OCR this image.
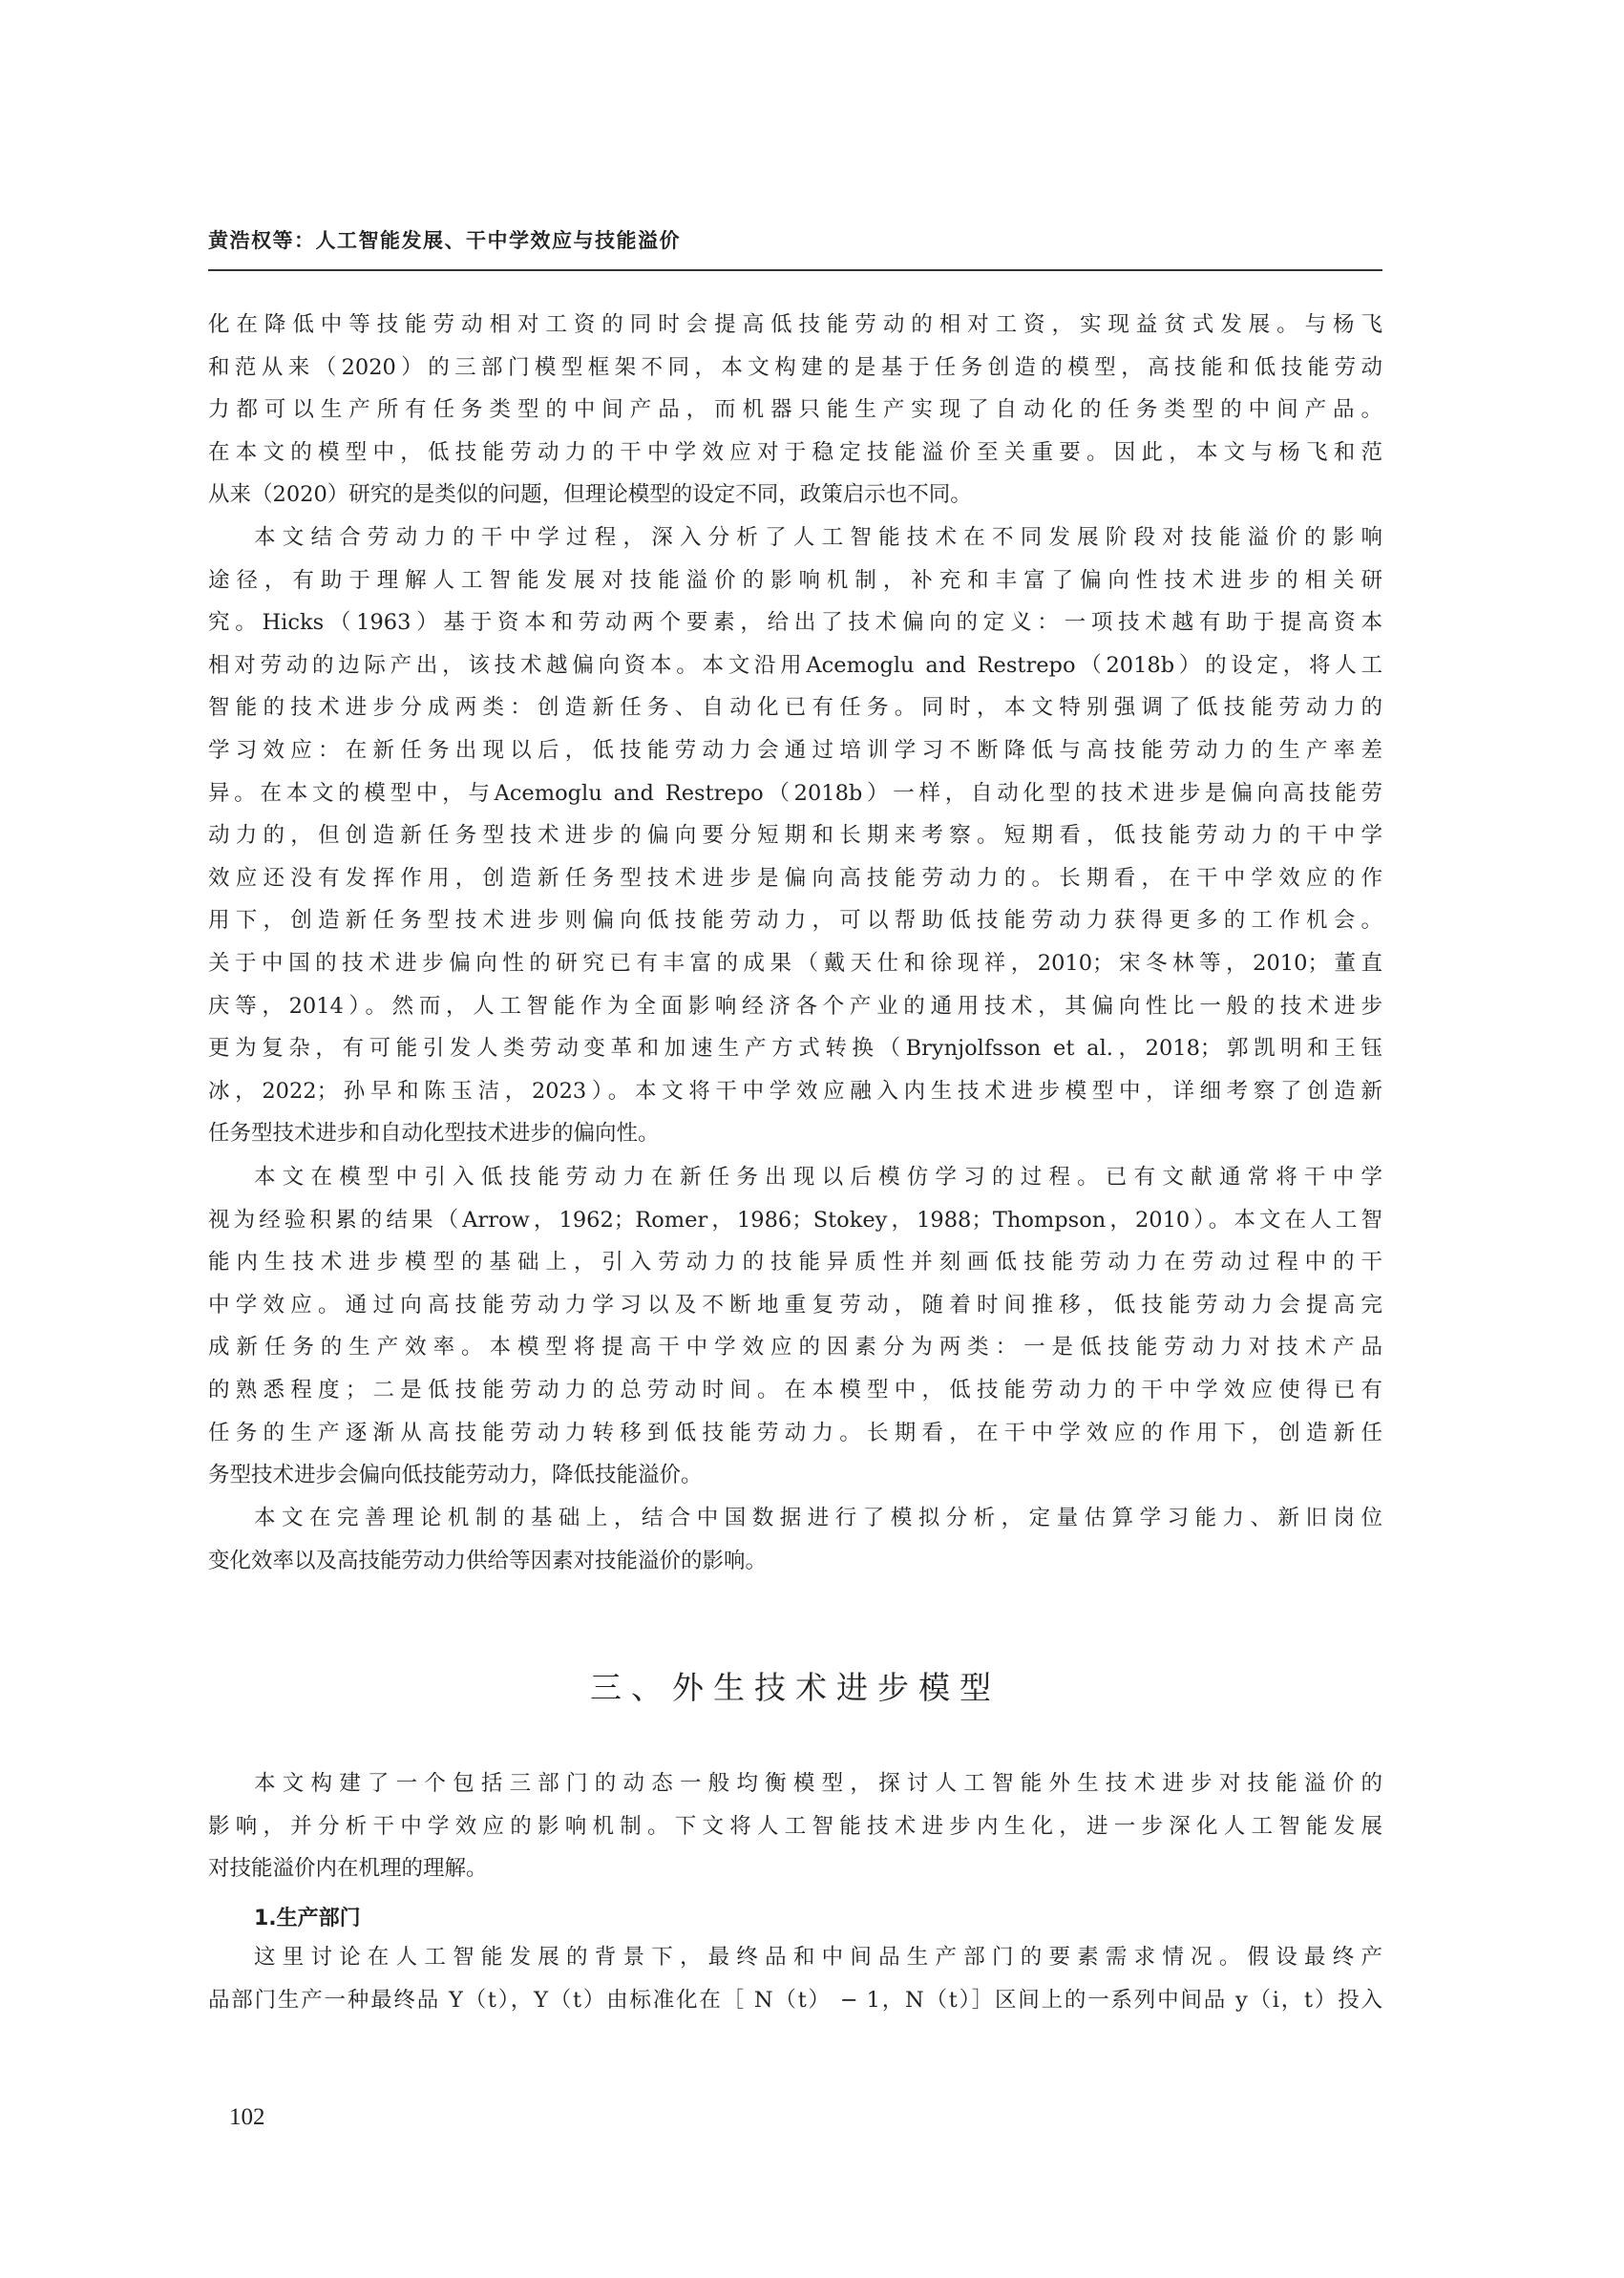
黄浩权等：人工智能发展、干中学效应与技能溢价
化在降低中等技能劳动相对工资的同时会提高低技能劳动的相对工资，实现益贫式发展。与杨飞
和范从来（2020）的三部门模型框架不同，本文构建的是基于任务创造的模型，高技能和低技能劳动
力都可以生产所有任务类型的中间产品，而机器只能生产实现了自动化的任务类型的中间产品。
在本文的模型中，低技能劳动力的干中学效应对于稳定技能溢价至关重要。因此，本文与杨飞和范
从来（2020）研究的是类似的问题，但理论模型的设定不同，政策启示也不同。
本文结合劳动力的干中学过程，深入分析了人工智能技术在不同发展阶段对技能溢价的影响
途径，有助于理解人工智能发展对技能溢价的影响机制，补充和丰富了偏向性技术进步的相关研
究。Hicks（1963）基于资本和劳动两个要素，给出了技术偏向的定义：一项技术越有助于提高资本
相对劳动的边际产出，该技术越偏向资本。本文沿用Acemoglu and Restrepo（2018b）的设定，将人工
智能的技术进步分成两类：创造新任务、自动化已有任务。同时，本文特别强调了低技能劳动力的
学习效应：在新任务出现以后，低技能劳动力会通过培训学习不断降低与高技能劳动力的生产率差
异。在本文的模型中，与Acemoglu and Restrepo（2018b）一样，自动化型的技术进步是偏向高技能劳
动力的，但创造新任务型技术进步的偏向要分短期和长期来考察。短期看，低技能劳动力的干中学
效应还没有发挥作用，创造新任务型技术进步是偏向高技能劳动力的。长期看，在干中学效应的作
用下，创造新任务型技术进步则偏向低技能劳动力，可以帮助低技能劳动力获得更多的工作机会。
关于中国的技术进步偏向性的研究已有丰富的成果（戴天仕和徐现祥，2010；宋冬林等，2010；董直
庆等，2014）。然而，人工智能作为全面影响经济各个产业的通用技术，其偏向性比一般的技术进步
更为复杂，有可能引发人类劳动变革和加速生产方式转换（Brynjolfsson et al.，2018；郭凯明和王钰
冰，2022；孙早和陈玉洁，2023）。本文将干中学效应融入内生技术进步模型中，详细考察了创造新
任务型技术进步和自动化型技术进步的偏向性。
本文在模型中引入低技能劳动力在新任务出现以后模仿学习的过程。已有文献通常将干中学
视为经验积累的结果（Arrow，1962；Romer，1986；Stokey，1988；Thompson，2010）。本文在人工智
能内生技术进步模型的基础上，引入劳动力的技能异质性并刻画低技能劳动力在劳动过程中的干
中学效应。通过向高技能劳动力学习以及不断地重复劳动，随着时间推移，低技能劳动力会提高完
成新任务的生产效率。本模型将提高干中学效应的因素分为两类：一是低技能劳动力对技术产品
的熟悉程度；二是低技能劳动力的总劳动时间。在本模型中，低技能劳动力的干中学效应使得已有
任务的生产逐渐从高技能劳动力转移到低技能劳动力。长期看，在干中学效应的作用下，创造新任
务型技术进步会偏向低技能劳动力，降低技能溢价。
本文在完善理论机制的基础上，结合中国数据进行了模拟分析，定量估算学习能力、新旧岗位
变化效率以及高技能劳动力供给等因素对技能溢价的影响。
三、外生技术进步模型
本文构建了一个包括三部门的动态一般均衡模型，探讨人工智能外生技术进步对技能溢价的
影响，并分析干中学效应的影响机制。下文将人工智能技术进步内生化，进一步深化人工智能发展
对技能溢价内在机理的理解。
1.生产部门
这里讨论在人工智能发展的背景下，最终品和中间品生产部门的要素需求情况。假设最终产
品部门生产一种最终品 Y（t），Y（t）由标准化在［ N（t） − 1，N（t）］区间上的一系列中间品 y（i，t）投入
102
